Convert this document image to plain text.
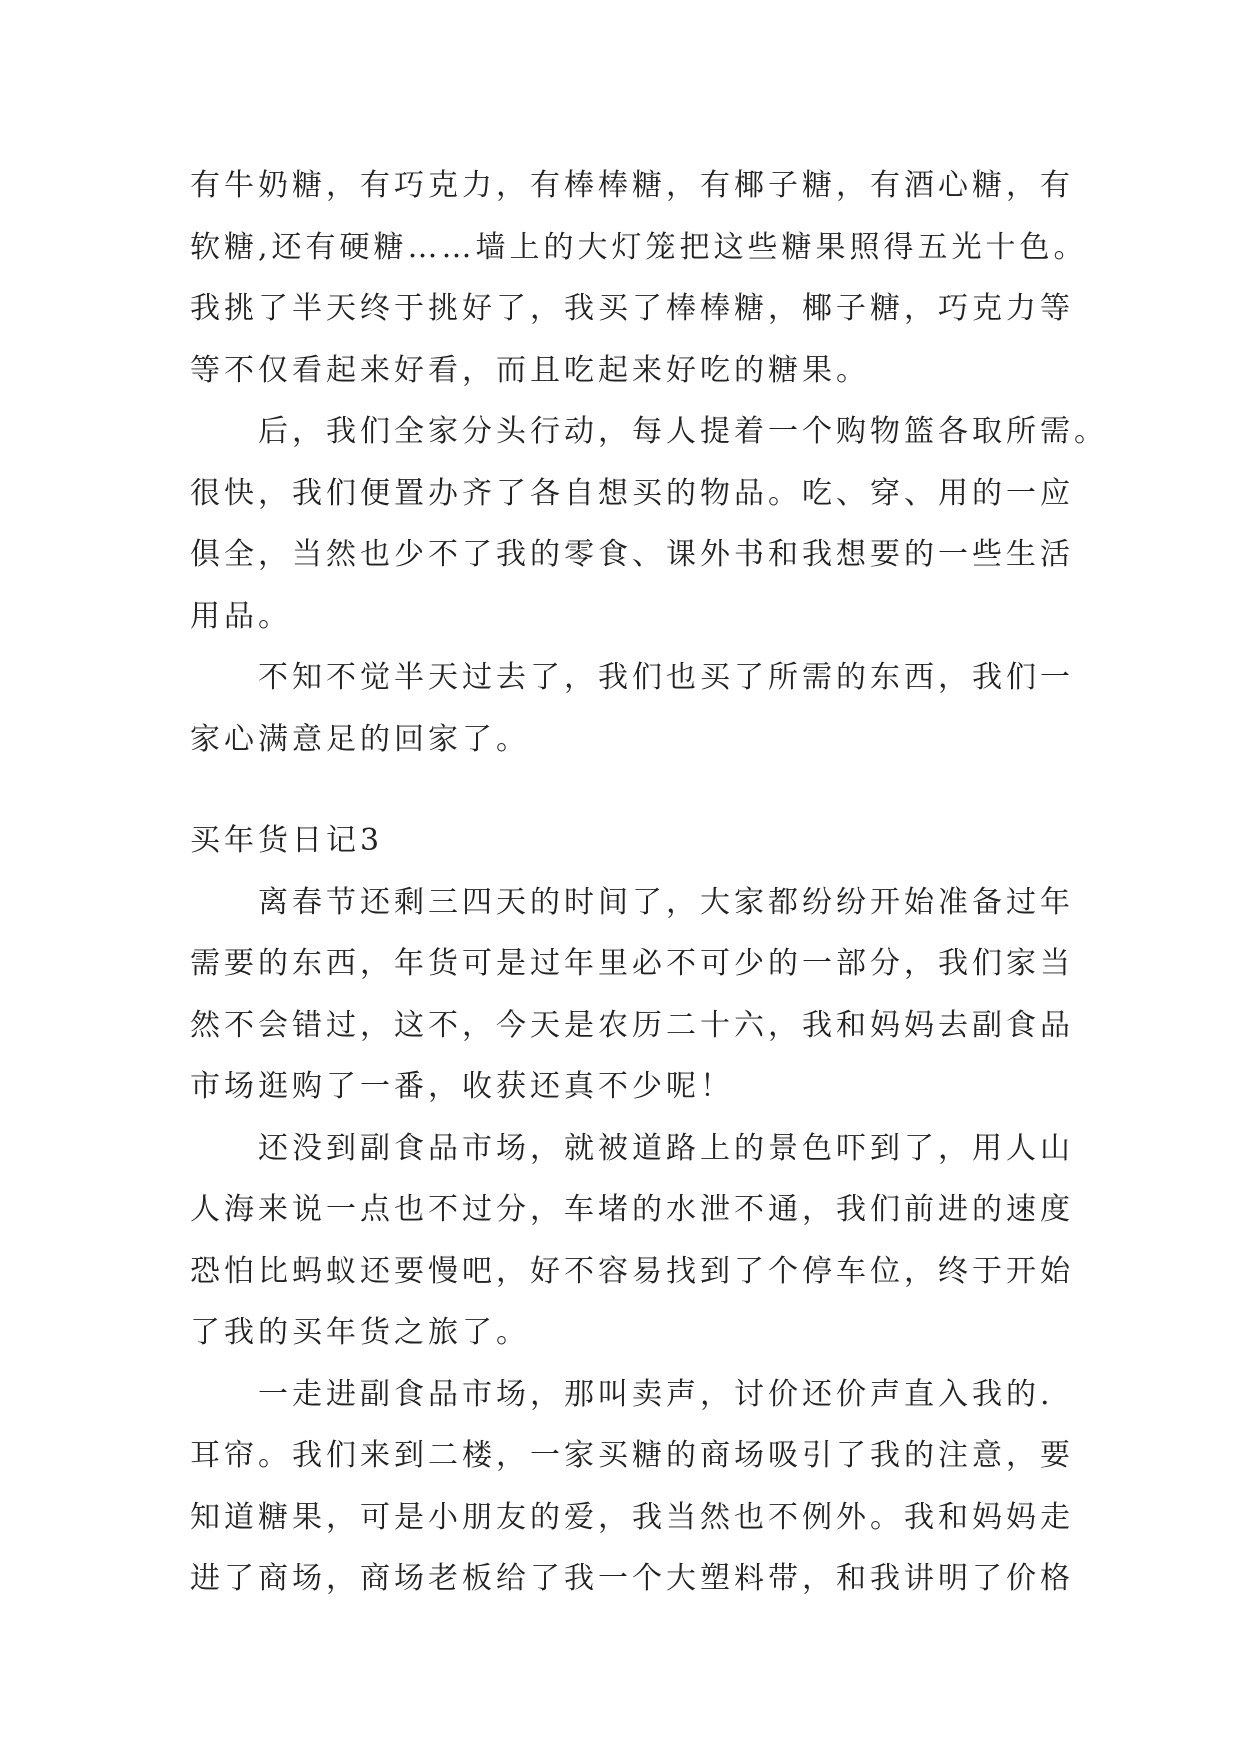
有牛奶糖，有巧克力，有棒棒糖，有椰子糖，有酒心糖，有
软糖,还有硬糖……墙上的大灯笼把这些糖果照得五光十色。
我挑了半天终于挑好了，我买了棒棒糖，椰子糖，巧克力等
等不仅看起来好看，而且吃起来好吃的糖果。
后，我们全家分头行动，每人提着一个购物篮各取所需。
很快，我们便置办齐了各自想买的物品。吃、穿、用的一应
俱全，当然也少不了我的零食、课外书和我想要的一些生活
用品。
不知不觉半天过去了，我们也买了所需的东西，我们一
家心满意足的回家了。
买年货日记3
离春节还剩三四天的时间了，大家都纷纷开始准备过年
需要的东西，年货可是过年里必不可少的一部分，我们家当
然不会错过，这不，今天是农历二十六，我和妈妈去副食品
市场逛购了一番，收获还真不少呢！
还没到副食品市场，就被道路上的景色吓到了，用人山
人海来说一点也不过分，车堵的水泄不通，我们前进的速度
恐怕比蚂蚁还要慢吧，好不容易找到了个停车位，终于开始
了我的买年货之旅了。
一走进副食品市场，那叫卖声，讨价还价声直入我的.
耳帘。我们来到二楼，一家买糖的商场吸引了我的注意，要
知道糖果，可是小朋友的爱，我当然也不例外。我和妈妈走
进了商场，商场老板给了我一个大塑料带，和我讲明了价格
